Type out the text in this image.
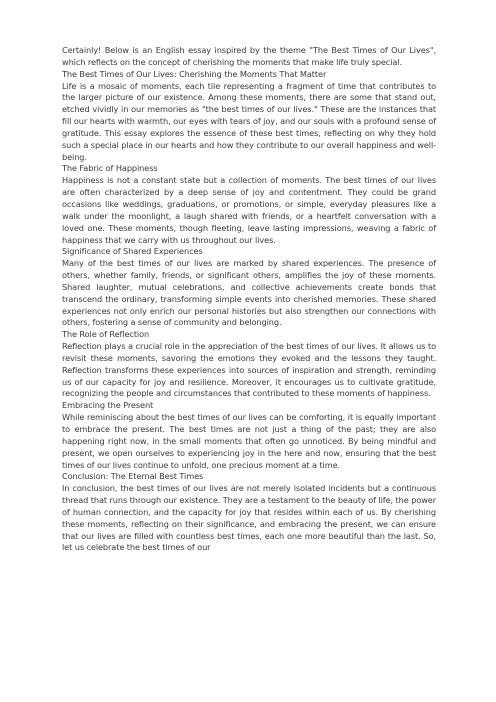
Certainly! Below is an English essay inspired by the theme "The Best Times of Our Lives", which reflects on the concept of cherishing the moments that make life truly special.

The Best Times of Our Lives: Cherishing the Moments That Matter

Life is a mosaic of moments, each tile representing a fragment of time that contributes to the larger picture of our existence. Among these moments, there are some that stand out, etched vividly in our memories as "the best times of our lives." These are the instances that fill our hearts with warmth, our eyes with tears of joy, and our souls with a profound sense of gratitude. This essay explores the essence of these best times, reflecting on why they hold such a special place in our hearts and how they contribute to our overall happiness and well-being.

The Fabric of Happiness

Happiness is not a constant state but a collection of moments. The best times of our lives are often characterized by a deep sense of joy and contentment. They could be grand occasions like weddings, graduations, or promotions, or simple, everyday pleasures like a walk under the moonlight, a laugh shared with friends, or a heartfelt conversation with a loved one. These moments, though fleeting, leave lasting impressions, weaving a fabric of happiness that we carry with us throughout our lives.

Significance of Shared Experiences

Many of the best times of our lives are marked by shared experiences. The presence of others, whether family, friends, or significant others, amplifies the joy of these moments. Shared laughter, mutual celebrations, and collective achievements create bonds that transcend the ordinary, transforming simple events into cherished memories. These shared experiences not only enrich our personal histories but also strengthen our connections with others, fostering a sense of community and belonging.

The Role of Reflection

Reflection plays a crucial role in the appreciation of the best times of our lives. It allows us to revisit these moments, savoring the emotions they evoked and the lessons they taught. Reflection transforms these experiences into sources of inspiration and strength, reminding us of our capacity for joy and resilience. Moreover, it encourages us to cultivate gratitude, recognizing the people and circumstances that contributed to these moments of happiness.

Embracing the Present

While reminiscing about the best times of our lives can be comforting, it is equally important to embrace the present. The best times are not just a thing of the past; they are also happening right now, in the small moments that often go unnoticed. By being mindful and present, we open ourselves to experiencing joy in the here and now, ensuring that the best times of our lives continue to unfold, one precious moment at a time.

Conclusion: The Eternal Best Times

In conclusion, the best times of our lives are not merely isolated incidents but a continuous thread that runs through our existence. They are a testament to the beauty of life, the power of human connection, and the capacity for joy that resides within each of us. By cherishing these moments, reflecting on their significance, and embracing the present, we can ensure that our lives are filled with countless best times, each one more beautiful than the last. So, let us celebrate the best times of our
